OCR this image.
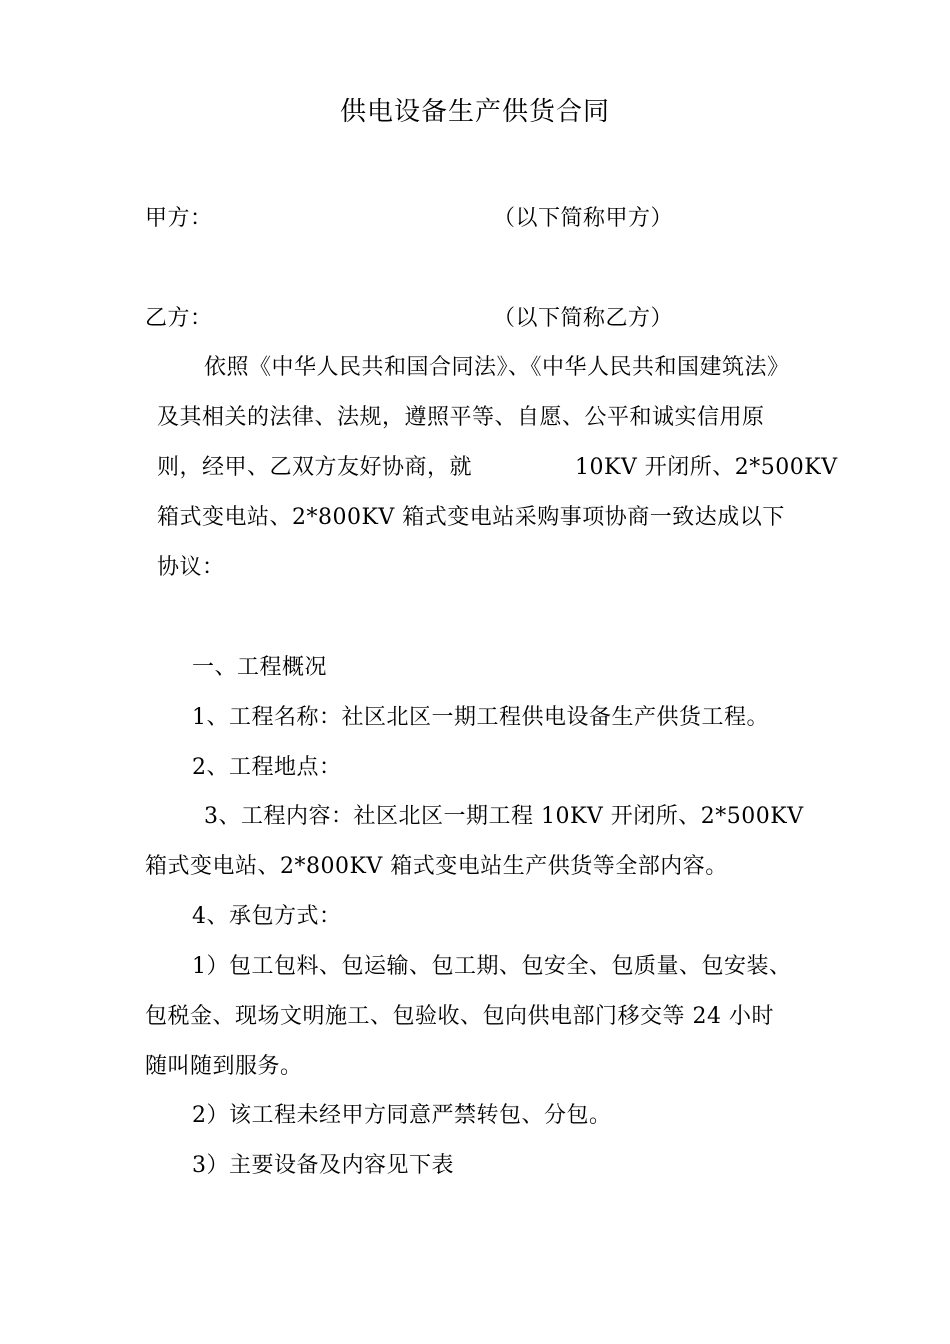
供电设备生产供货合同
甲方：	（以下简称甲方）
乙方：	（以下简称乙方）
依照《中华人民共和国合同法》、《中华人民共和国建筑法》
及其相关的法律、法规，遵照平等、自愿、公平和诚实信用原
则，经甲、乙双方友好协商，就	10KV 开闭所、2*500KV
箱式变电站、2*800KV 箱式变电站采购事项协商一致达成以下
协议：
一、工程概况
1、工程名称：社区北区一期工程供电设备生产供货工程。
2、工程地点：
3、工程内容：社区北区一期工程 10KV 开闭所、2*500KV
箱式变电站、2*800KV 箱式变电站生产供货等全部内容。
4、承包方式：
1）包工包料、包运输、包工期、包安全、包质量、包安装、
包税金、现场文明施工、包验收、包向供电部门移交等 24 小时
随叫随到服务。
2）该工程未经甲方同意严禁转包、分包。
3）主要设备及内容见下表
